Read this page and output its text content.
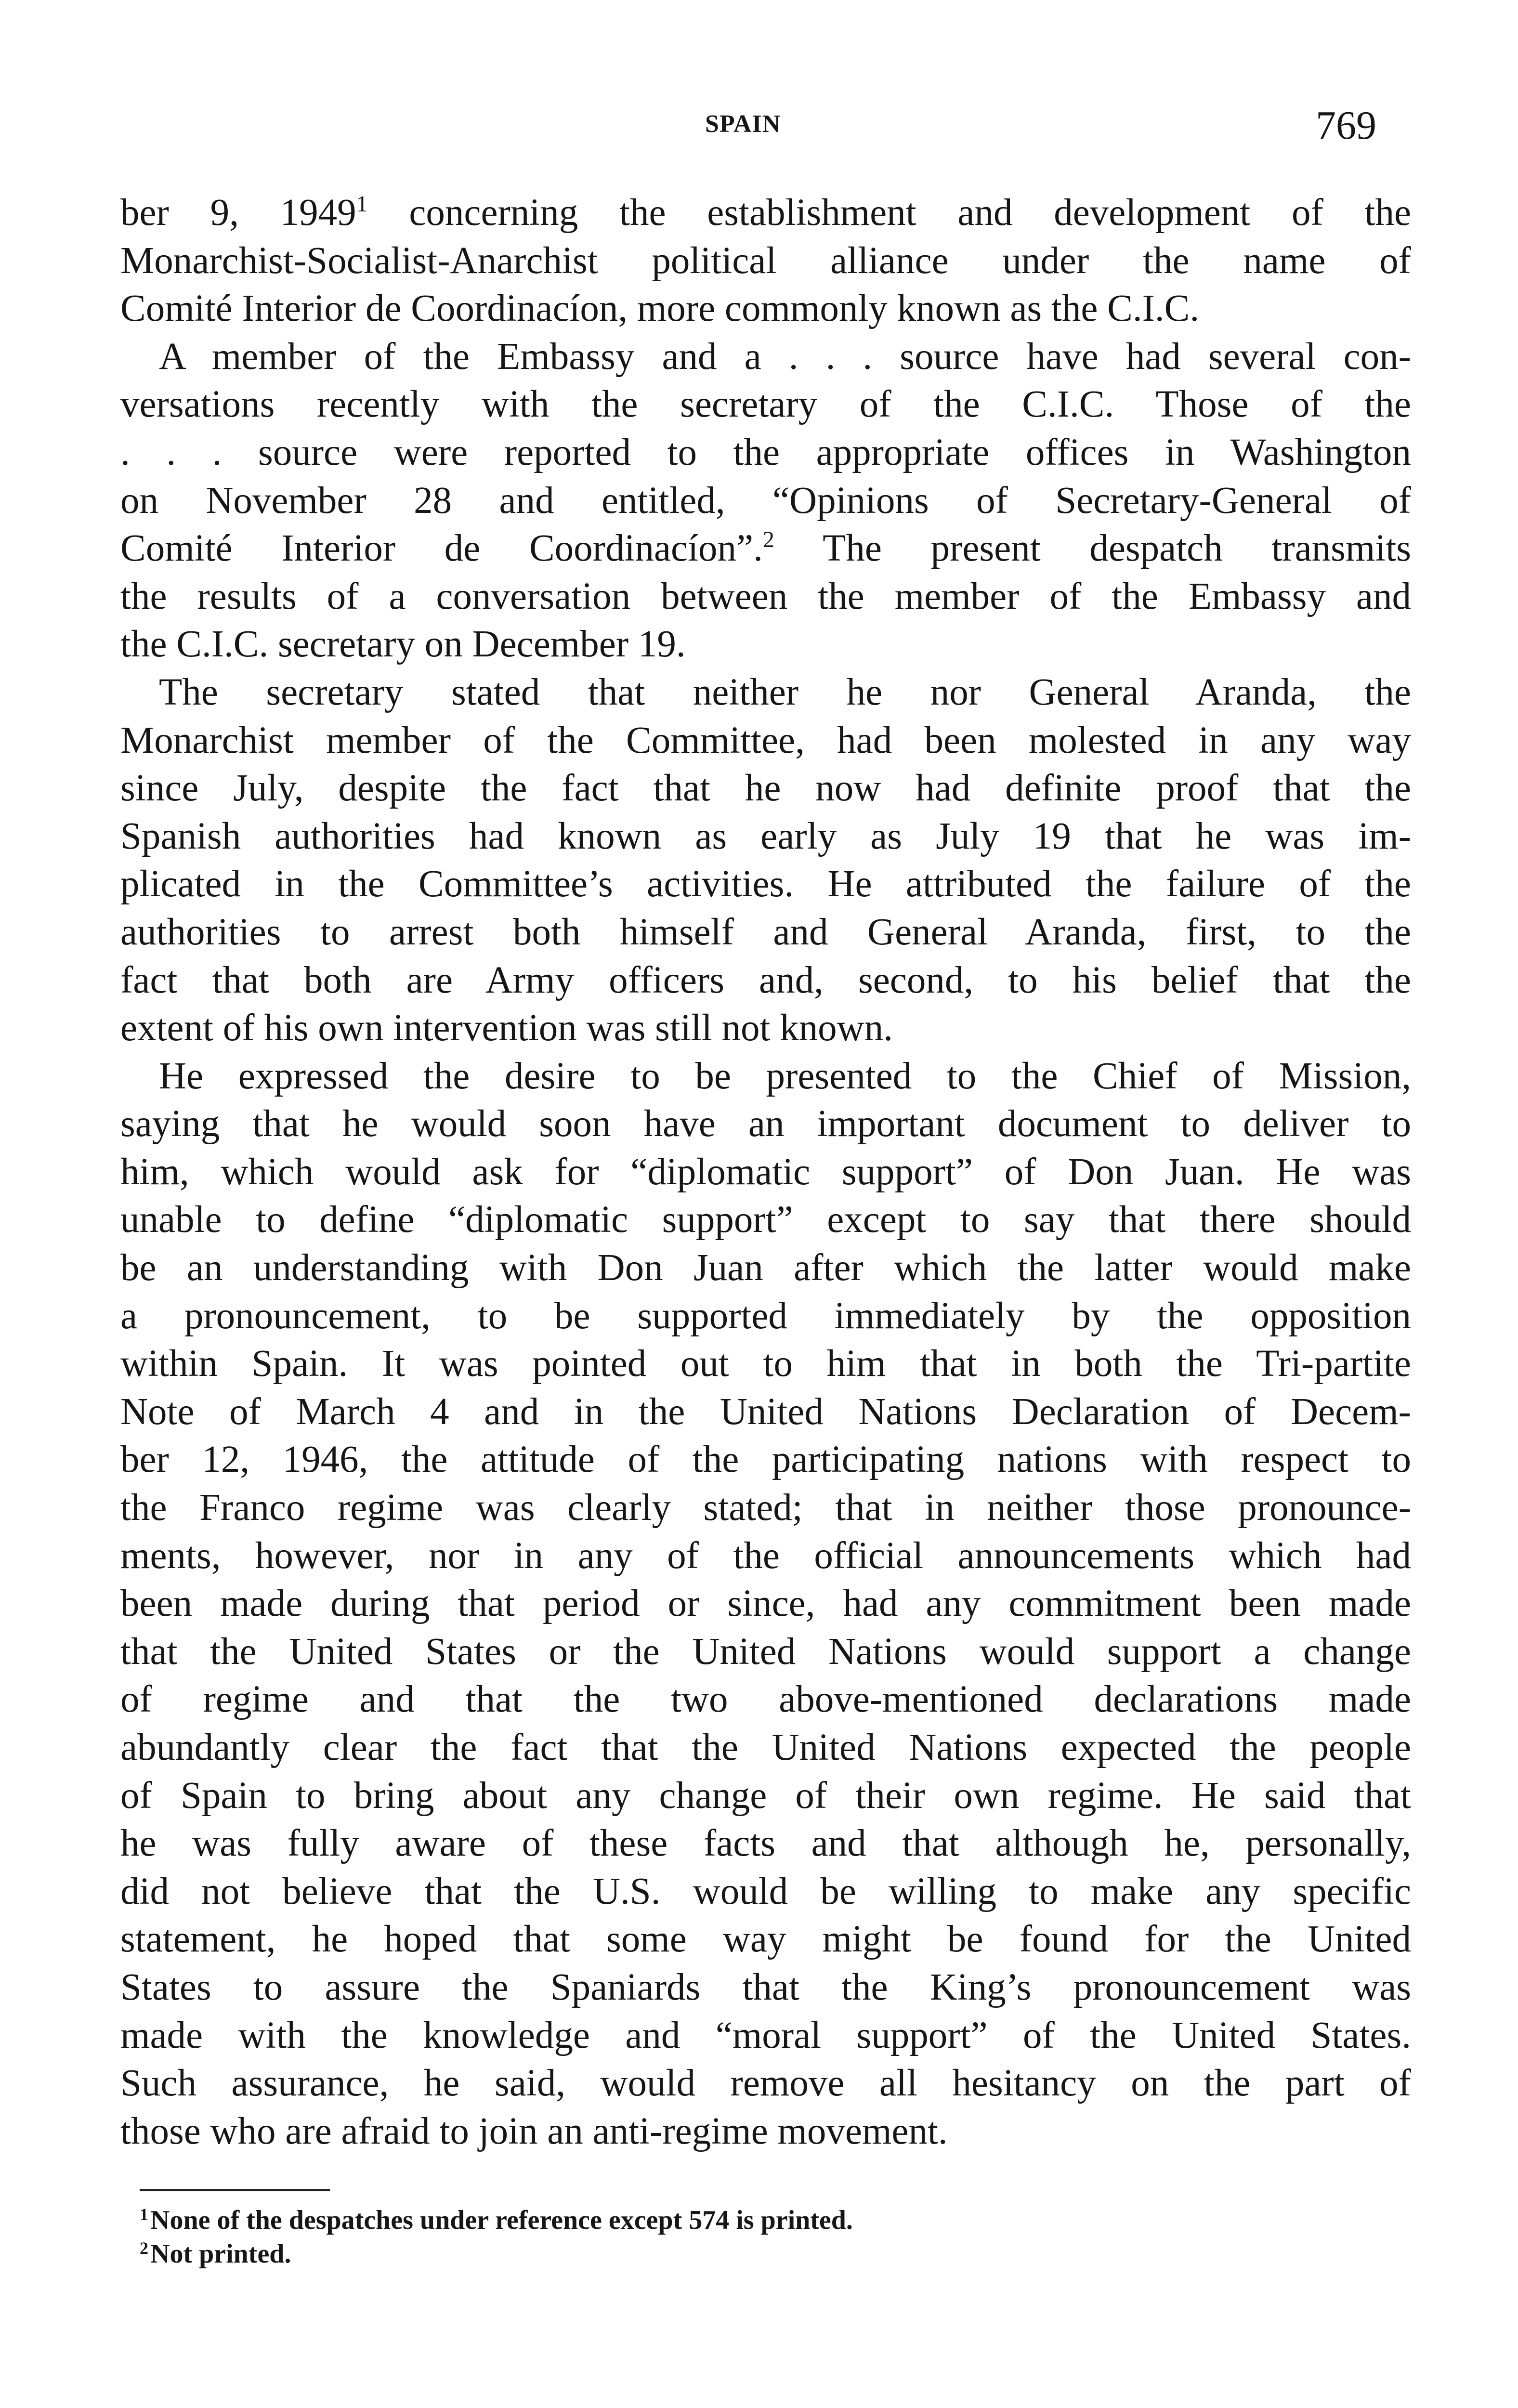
SPAIN	769
ber 9, 1949$^1$ concerning the establishment and development of the
Monarchist-Socialist-Anarchist political alliance under the name of
Comité Interior de Coordinacíon, more commonly known as the C.I.C.
A member of the Embassy and a . . . source have had several con-
versations recently with the secretary of the C.I.C. Those of the
. . . source were reported to the appropriate offices in Washington
on November 28 and entitled, “Opinions of Secretary-General of
Comité Interior de Coordinacíon”.$^2$ The present despatch transmits
the results of a conversation between the member of the Embassy and
the C.I.C. secretary on December 19.
The secretary stated that neither he nor General Aranda, the
Monarchist member of the Committee, had been molested in any way
since July, despite the fact that he now had definite proof that the
Spanish authorities had known as early as July 19 that he was im-
plicated in the Committee’s activities. He attributed the failure of the
authorities to arrest both himself and General Aranda, first, to the
fact that both are Army officers and, second, to his belief that the
extent of his own intervention was still not known.
He expressed the desire to be presented to the Chief of Mission,
saying that he would soon have an important document to deliver to
him, which would ask for “diplomatic support” of Don Juan. He was
unable to define “diplomatic support” except to say that there should
be an understanding with Don Juan after which the latter would make
a pronouncement, to be supported immediately by the opposition
within Spain. It was pointed out to him that in both the Tri-partite
Note of March 4 and in the United Nations Declaration of Decem-
ber 12, 1946, the attitude of the participating nations with respect to
the Franco regime was clearly stated; that in neither those pronounce-
ments, however, nor in any of the official announcements which had
been made during that period or since, had any commitment been made
that the United States or the United Nations would support a change
of regime and that the two above-mentioned declarations made
abundantly clear the fact that the United Nations expected the people
of Spain to bring about any change of their own regime. He said that
he was fully aware of these facts and that although he, personally,
did not believe that the U.S. would be willing to make any specific
statement, he hoped that some way might be found for the United
States to assure the Spaniards that the King’s pronouncement was
made with the knowledge and “moral support” of the United States.
Such assurance, he said, would remove all hesitancy on the part of
those who are afraid to join an anti-regime movement.
$^1$None of the despatches under reference except 574 is printed.
$^2$Not printed.
